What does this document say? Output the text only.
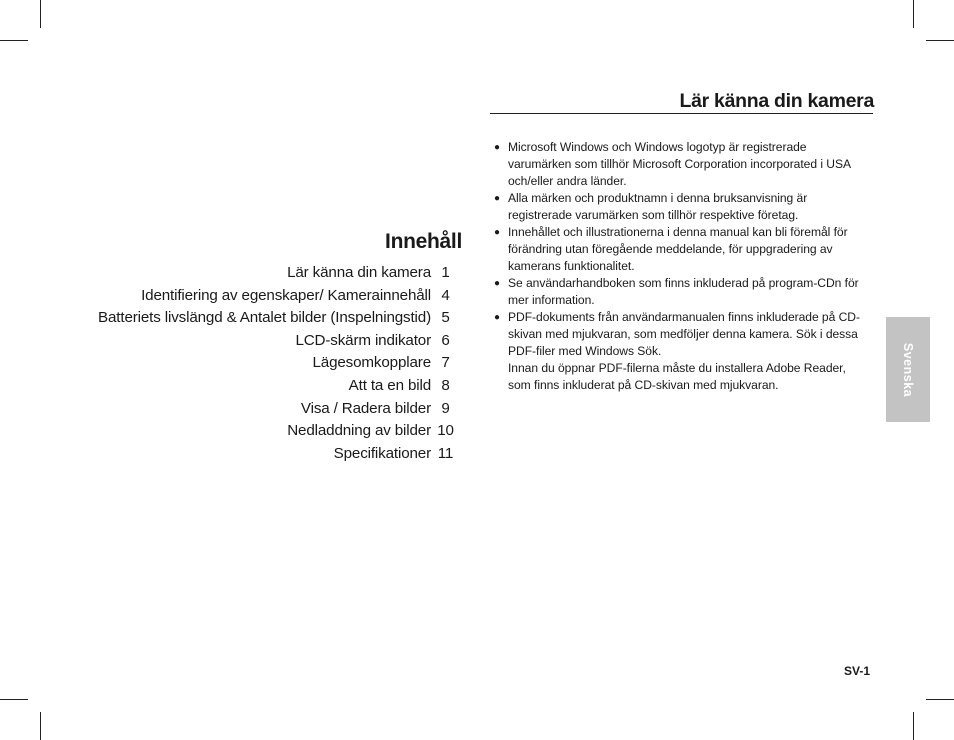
Innehåll
Lär känna din kamera 1
Identifiering av egenskaper/ Kamerainnehåll 4
Batteriets livslängd & Antalet bilder (Inspelningstid) 5
LCD-skärm indikator 6
Lägesomkopplare 7
Att ta en bild 8
Visa / Radera bilder 9
Nedladdning av bilder 10
Specifikationer 11
Lär känna din kamera
● Microsoft Windows och Windows logotyp är registrerade varumärken som tillhör Microsoft Corporation incorporated i USA och/eller andra länder.
● Alla märken och produktnamn i denna bruksanvisning är registrerade varumärken som tillhör respektive företag.
● Innehållet och illustrationerna i denna manual kan bli föremål för förändring utan föregående meddelande, för uppgradering av kamerans funktionalitet.
● Se användarhandboken som finns inkluderad på program-CDn för mer information.
● PDF-dokuments från användarmanualen finns inkluderade på CD-skivan med mjukvaran, som medföljer denna kamera. Sök i dessa PDF-filer med Windows Sök.
Innan du öppnar PDF-filerna måste du installera Adobe Reader, som finns inkluderat på CD-skivan med mjukvaran.	Svenska
SV-1
